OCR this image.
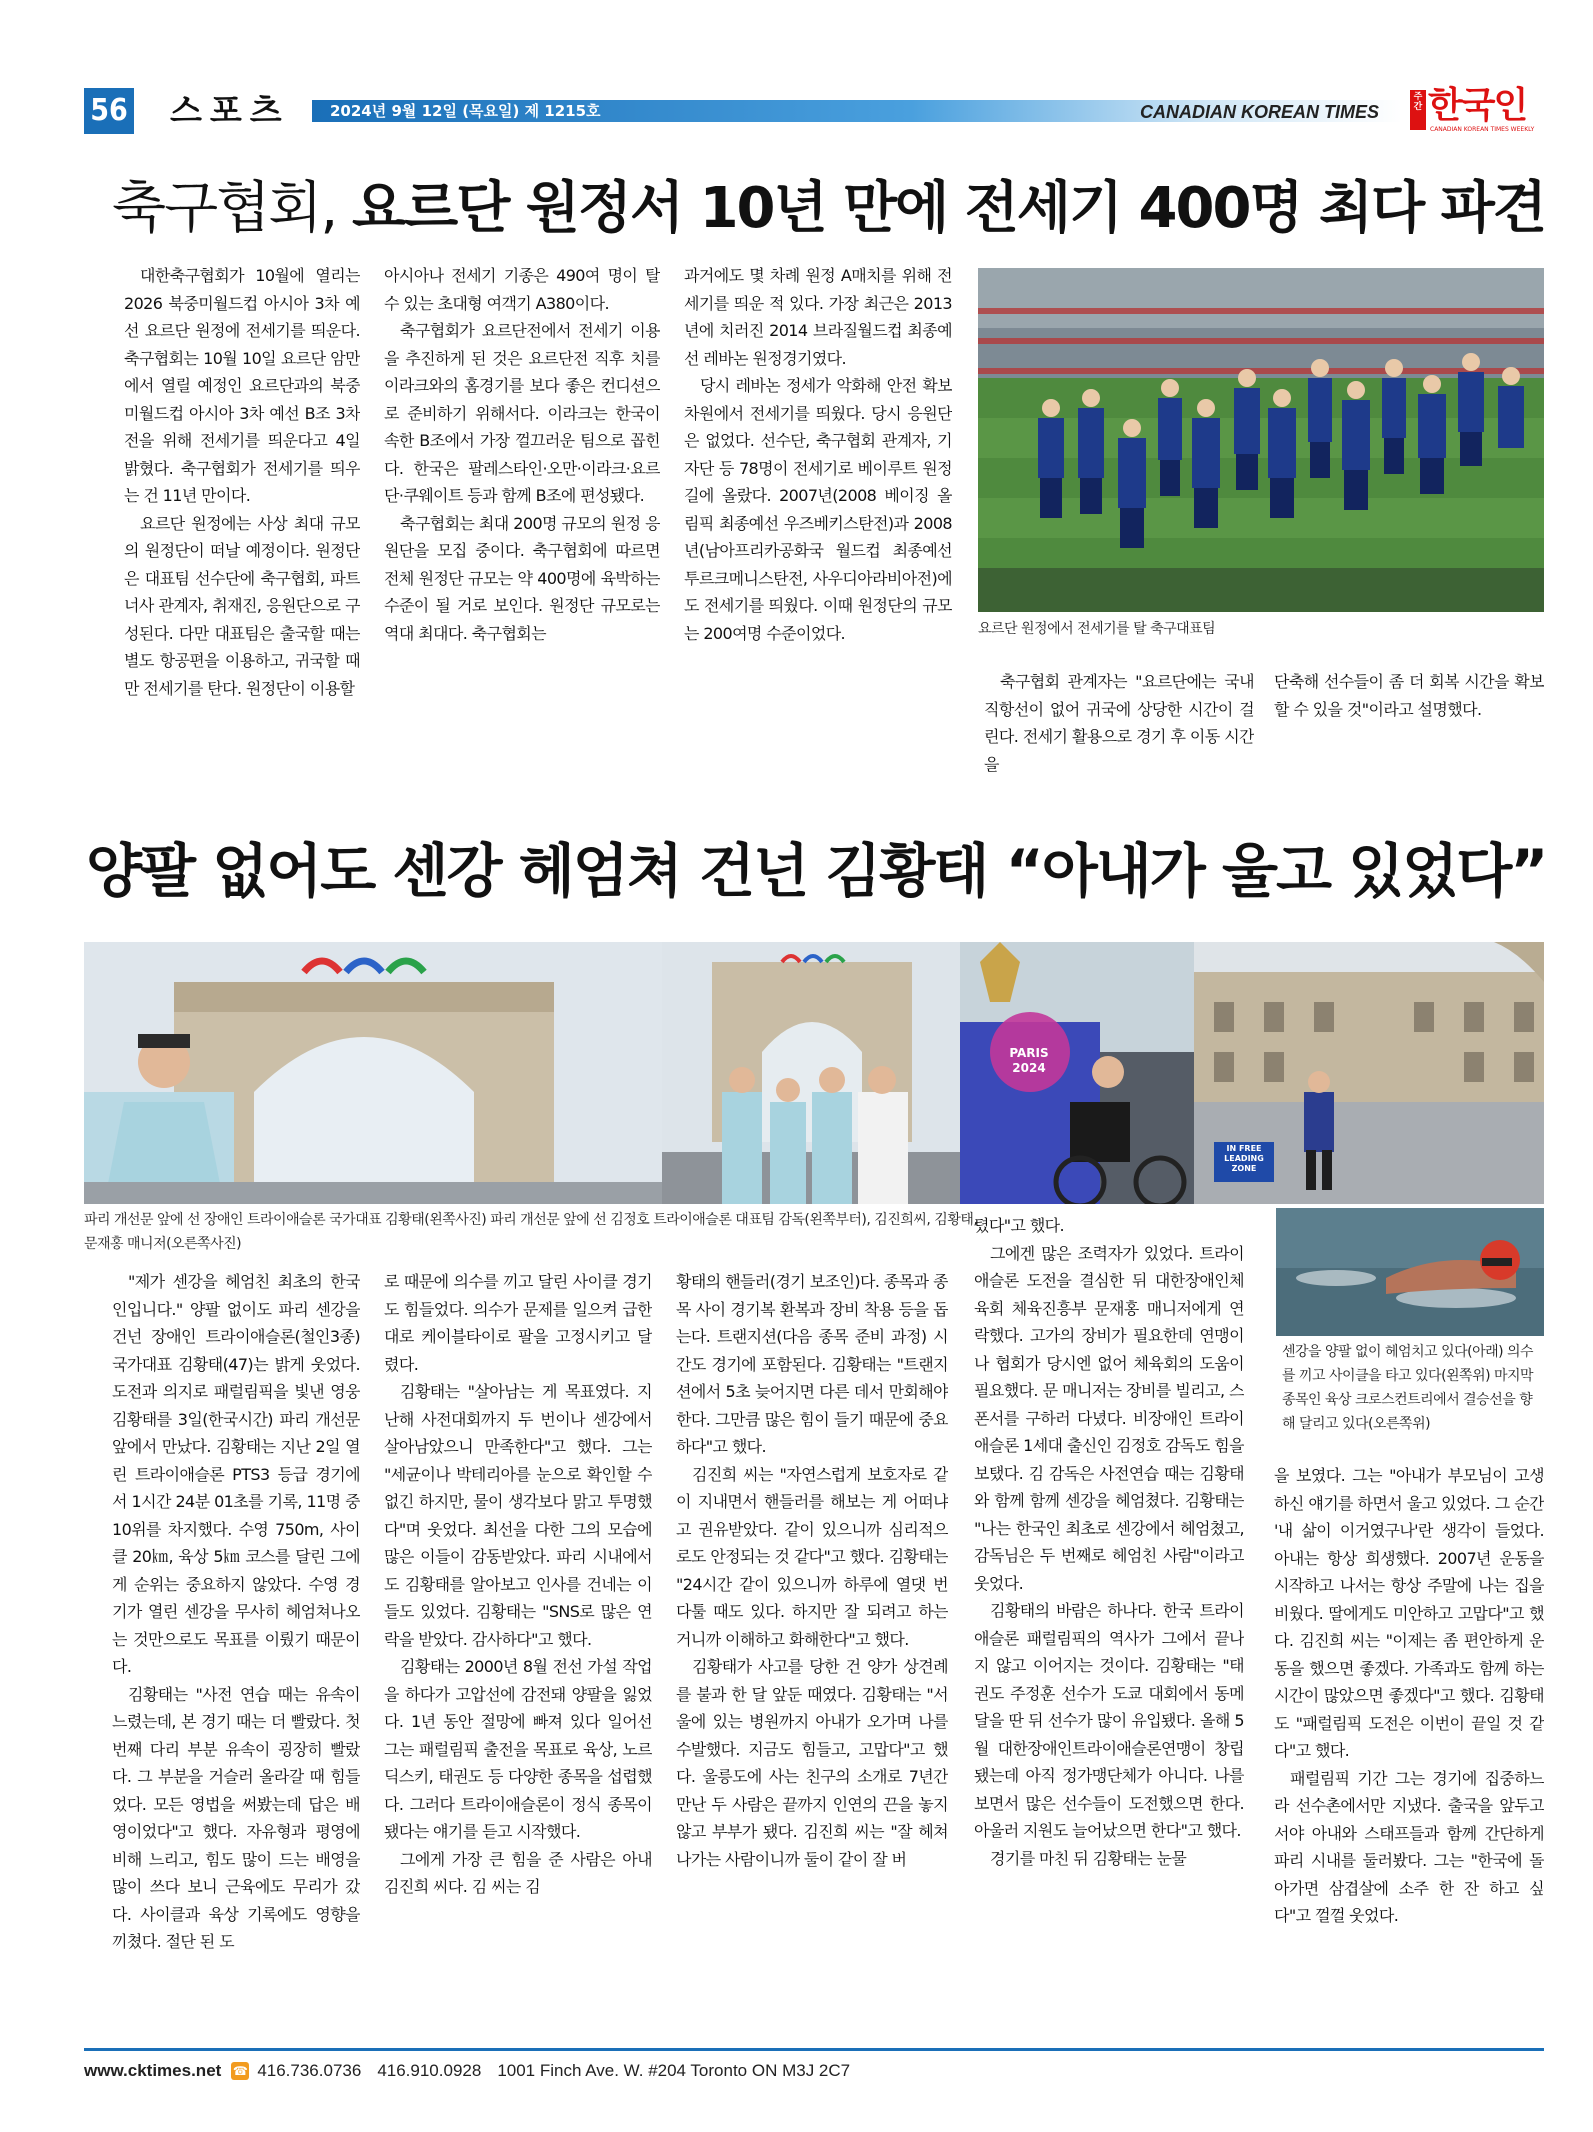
56 스포츠	2024년 9월 12일 (목요일) 제 1215호	CANADIAN KOREAN TIMES
주
간 한국인
CANADIAN KOREAN TIMES WEEKLY
축구협회, 요르단 원정서 10년 만에 전세기 400명 최다 파견

대한축구협회가 10월에 열리는 2026 북중미월드컵 아시아 3차 예선 요르단 원정에 전세기를 띄운다. 축구협회는 10월 10일 요르단 암만에서 열릴 예정인 요르단과의 북중미월드컵 아시아 3차 예선 B조 3차전을 위해 전세기를 띄운다고 4일 밝혔다. 축구협회가 전세기를 띄우는 건 11년 만이다.

요르단 원정에는 사상 최대 규모의 원정단이 떠날 예정이다. 원정단은 대표팀 선수단에 축구협회, 파트너사 관계자, 취재진, 응원단으로 구성된다. 다만 대표팀은 출국할 때는 별도 항공편을 이용하고, 귀국할 때만 전세기를 탄다. 원정단이 이용할

아시아나 전세기 기종은 490여 명이 탈 수 있는 초대형 여객기 A380이다.

축구협회가 요르단전에서 전세기 이용을 추진하게 된 것은 요르단전 직후 치를 이라크와의 홈경기를 보다 좋은 컨디션으로 준비하기 위해서다. 이라크는 한국이 속한 B조에서 가장 껄끄러운 팀으로 꼽힌다. 한국은 팔레스타인·오만·이라크·요르단·쿠웨이트 등과 함께 B조에 편성됐다.

축구협회는 최대 200명 규모의 원정 응원단을 모집 중이다. 축구협회에 따르면 전체 원정단 규모는 약 400명에 육박하는 수준이 될 거로 보인다. 원정단 규모로는 역대 최대다. 축구협회는

과거에도 몇 차례 원정 A매치를 위해 전세기를 띄운 적 있다. 가장 최근은 2013년에 치러진 2014 브라질월드컵 최종예선 레바논 원정경기였다.

당시 레바논 정세가 악화해 안전 확보 차원에서 전세기를 띄웠다. 당시 응원단은 없었다. 선수단, 축구협회 관계자, 기자단 등 78명이 전세기로 베이루트 원정길에 올랐다. 2007년(2008 베이징 올림픽 최종예선 우즈베키스탄전)과 2008년(남아프리카공화국 월드컵 최종예선 투르크메니스탄전, 사우디아라비아전)에도 전세기를 띄웠다. 이때 원정단의 규모는 200여명 수준이었다.	요르단 원정에서 전세기를 탈 축구대표팀

축구협회 관계자는 "요르단에는 국내 직항선이 없어 귀국에 상당한 시간이 걸린다. 전세기 활용으로 경기 후 이동 시간을

단축해 선수들이 좀 더 회복 시간을 확보할 수 있을 것"이라고 설명했다.

양팔 없어도 센강 헤엄쳐 건넌 김황태 “아내가 울고 있었다”
PARIS 2024
IN FREE LEADING ZONE
파리 개선문 앞에 선 장애인 트라이애슬론 국가대표 김황태(왼쪽사진) 파리 개선문 앞에 선 김정호 트라이애슬론 대표팀 감독(왼쪽부터), 김진희씨, 김황태, 문재홍 매니저(오른쪽사진)
센강을 양팔 없이 헤엄치고 있다(아래) 의수를 끼고 사이클을 타고 있다(왼쪽위) 마지막 종목인 육상 크로스컨트리에서 결승선을 향해 달리고 있다(오른쪽위)

"제가 센강을 헤엄친 최초의 한국인입니다." 양팔 없이도 파리 센강을 건넌 장애인 트라이애슬론(철인3종) 국가대표 김황태(47)는 밝게 웃었다. 도전과 의지로 패럴림픽을 빛낸 영웅 김황태를 3일(한국시간) 파리 개선문 앞에서 만났다. 김황태는 지난 2일 열린 트라이애슬론 PTS3 등급 경기에서 1시간 24분 01초를 기록, 11명 중 10위를 차지했다. 수영 750m, 사이클 20㎞, 육상 5㎞ 코스를 달린 그에게 순위는 중요하지 않았다. 수영 경기가 열린 센강을 무사히 헤엄쳐나오는 것만으로도 목표를 이뤘기 때문이다.

김황태는 "사전 연습 때는 유속이 느렸는데, 본 경기 때는 더 빨랐다. 첫 번째 다리 부분 유속이 굉장히 빨랐다. 그 부분을 거슬러 올라갈 때 힘들었다. 모든 영법을 써봤는데 답은 배영이었다"고 했다. 자유형과 평영에 비해 느리고, 힘도 많이 드는 배영을 많이 쓰다 보니 근육에도 무리가 갔다. 사이클과 육상 기록에도 영향을 끼쳤다. 절단 된 도

로 때문에 의수를 끼고 달린 사이클 경기도 힘들었다. 의수가 문제를 일으켜 급한 대로 케이블타이로 팔을 고정시키고 달렸다.

김황태는 "살아남는 게 목표였다. 지난해 사전대회까지 두 번이나 센강에서 살아남았으니 만족한다"고 했다. 그는 "세균이나 박테리아를 눈으로 확인할 수 없긴 하지만, 물이 생각보다 맑고 투명했다"며 웃었다. 최선을 다한 그의 모습에 많은 이들이 감동받았다. 파리 시내에서도 김황태를 알아보고 인사를 건네는 이들도 있었다. 김황태는 "SNS로 많은 연락을 받았다. 감사하다"고 했다.

김황태는 2000년 8월 전선 가설 작업을 하다가 고압선에 감전돼 양팔을 잃었다. 1년 동안 절망에 빠져 있다 일어선 그는 패럴림픽 출전을 목표로 육상, 노르딕스키, 태권도 등 다양한 종목을 섭렵했다. 그러다 트라이애슬론이 정식 종목이 됐다는 얘기를 듣고 시작했다.

그에게 가장 큰 힘을 준 사람은 아내 김진희 씨다. 김 씨는 김

황태의 핸들러(경기 보조인)다. 종목과 종목 사이 경기복 환복과 장비 착용 등을 돕는다. 트랜지션(다음 종목 준비 과정) 시간도 경기에 포함된다. 김황태는 "트랜지션에서 5초 늦어지면 다른 데서 만회해야 한다. 그만큼 많은 힘이 들기 때문에 중요하다"고 했다.

김진희 씨는 "자연스럽게 보호자로 같이 지내면서 핸들러를 해보는 게 어떠냐고 권유받았다. 같이 있으니까 심리적으로도 안정되는 것 같다"고 했다. 김황태는 "24시간 같이 있으니까 하루에 열댓 번 다툴 때도 있다. 하지만 잘 되려고 하는 거니까 이해하고 화해한다"고 했다.

김황태가 사고를 당한 건 양가 상견례를 불과 한 달 앞둔 때였다. 김황태는 "서울에 있는 병원까지 아내가 오가며 나를 수발했다. 지금도 힘들고, 고맙다"고 했다. 울릉도에 사는 친구의 소개로 7년간 만난 두 사람은 끝까지 인연의 끈을 놓지 않고 부부가 됐다. 김진희 씨는 "잘 헤쳐나가는 사람이니까 둘이 같이 잘 버

텼다"고 했다.

그에겐 많은 조력자가 있었다. 트라이애슬론 도전을 결심한 뒤 대한장애인체육회 체육진흥부 문재홍 매니저에게 연락했다. 고가의 장비가 필요한데 연맹이나 협회가 당시엔 없어 체육회의 도움이 필요했다. 문 매니저는 장비를 빌리고, 스폰서를 구하러 다녔다. 비장애인 트라이애슬론 1세대 출신인 김정호 감독도 힘을 보탰다. 김 감독은 사전연습 때는 김황태와 함께 함께 센강을 헤엄쳤다. 김황태는 "나는 한국인 최초로 센강에서 헤엄쳤고, 감독님은 두 번째로 헤엄친 사람"이라고 웃었다.

김황태의 바람은 하나다. 한국 트라이애슬론 패럴림픽의 역사가 그에서 끝나지 않고 이어지는 것이다. 김황태는 "태권도 주정훈 선수가 도쿄 대회에서 동메달을 딴 뒤 선수가 많이 유입됐다. 올해 5월 대한장애인트라이애슬론연맹이 창립됐는데 아직 정가맹단체가 아니다. 나를 보면서 많은 선수들이 도전했으면 한다. 아울러 지원도 늘어났으면 한다"고 했다.

경기를 마친 뒤 김황태는 눈물

을 보였다. 그는 "아내가 부모님이 고생하신 얘기를 하면서 울고 있었다. 그 순간 '내 삶이 이거였구나'란 생각이 들었다. 아내는 항상 희생했다. 2007년 운동을 시작하고 나서는 항상 주말에 나는 집을 비웠다. 딸에게도 미안하고 고맙다"고 했다. 김진희 씨는 "이제는 좀 편안하게 운동을 했으면 좋겠다. 가족과도 함께 하는 시간이 많았으면 좋겠다"고 했다. 김황태도 "패럴림픽 도전은 이번이 끝일 것 같다"고 했다.

패럴림픽 기간 그는 경기에 집중하느라 선수촌에서만 지냈다. 출국을 앞두고서야 아내와 스태프들과 함께 간단하게 파리 시내를 둘러봤다. 그는 "한국에 돌아가면 삼겹살에 소주 한 잔 하고 싶다"고 껄껄 웃었다.

www.cktimes.net ☎ 416.736.0736 416.910.0928 1001 Finch Ave. W. #204 Toronto ON M3J 2C7
